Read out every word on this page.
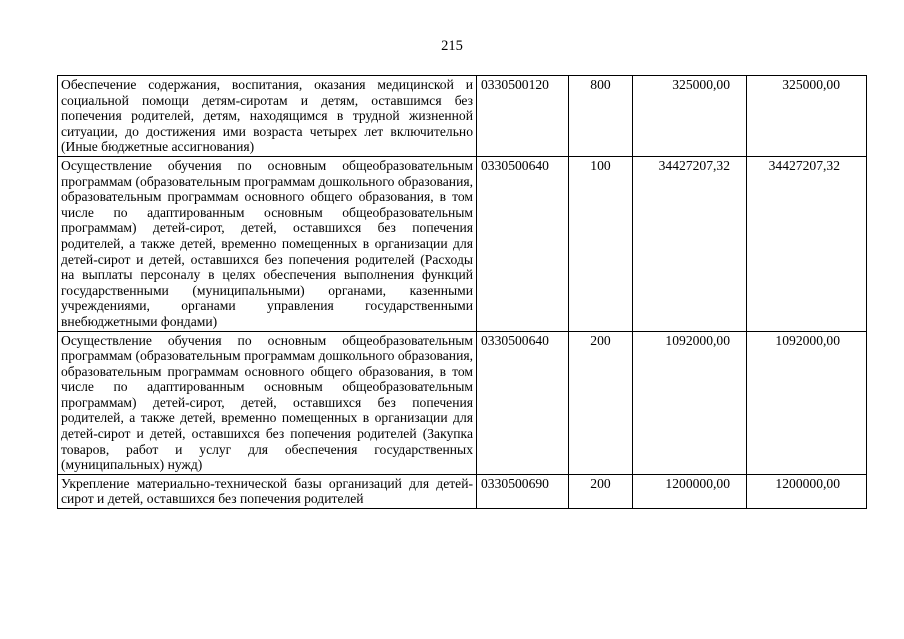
215
Обеспечение содержания, воспитания, оказания медицинской и социальной помощи детям-сиротам и детям, оставшимся без попечения родителей, детям, находящимся в трудной жизненной ситуации, до достижения ими возраста четырех лет включительно (Иные бюджетные ассигнования)	0330500120	800	325000,00	325000,00
Осуществление обучения по основным общеобразовательным программам (образовательным программам дошкольного образования, образовательным программам основного общего образования, в том числе по адаптированным основным общеобразовательным программам) детей-сирот, детей, оставшихся без попечения родителей, а также детей, временно помещенных в организации для детей-сирот и детей, оставшихся без попечения родителей (Расходы на выплаты персоналу в целях обеспечения выполнения функций государственными (муниципальными) органами, казенными учреждениями, органами управления государственными внебюджетными фондами)	0330500640	100	34427207,32	34427207,32
Осуществление обучения по основным общеобразовательным программам (образовательным программам дошкольного образования, образовательным программам основного общего образования, в том числе по адаптированным основным общеобразовательным программам) детей-сирот, детей, оставшихся без попечения родителей, а также детей, временно помещенных в организации для детей-сирот и детей, оставшихся без попечения родителей (Закупка товаров, работ и услуг для обеспечения государственных (муниципальных) нужд)	0330500640	200	1092000,00	1092000,00
Укрепление материально-технической базы организаций для детей-сирот и детей, оставшихся без попечения родителей	0330500690	200	1200000,00	1200000,00
